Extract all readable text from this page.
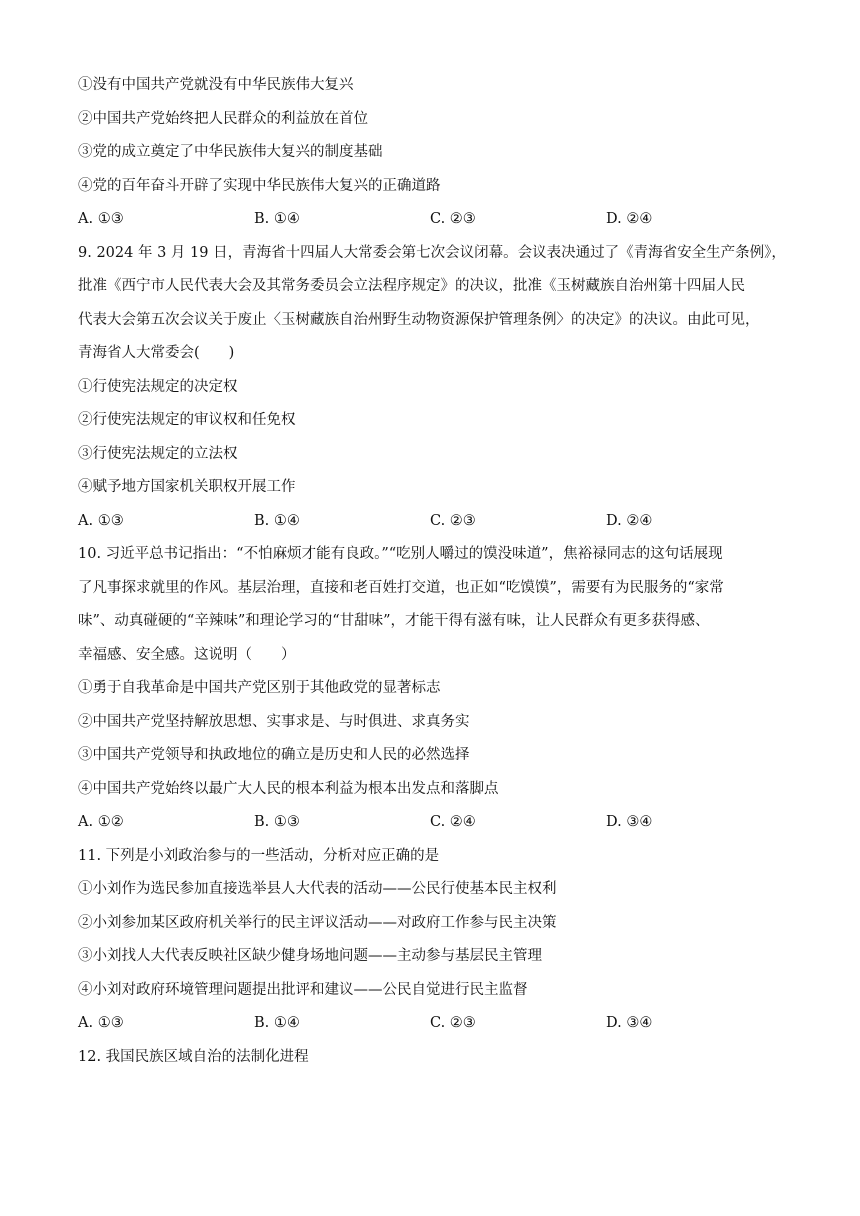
①没有中国共产党就没有中华民族伟大复兴
②中国共产党始终把人民群众的利益放在首位
③党的成立奠定了中华民族伟大复兴的制度基础
④党的百年奋斗开辟了实现中华民族伟大复兴的正确道路
A. ①③	B. ①④	C. ②③	D. ②④
9. 2024 年 3 月 19 日，青海省十四届人大常委会第七次会议闭幕。会议表决通过了《青海省安全生产条例》，
批准《西宁市人民代表大会及其常务委员会立法程序规定》的决议，批准《玉树藏族自治州第十四届人民
代表大会第五次会议关于废止〈玉树藏族自治州野生动物资源保护管理条例〉的决定》的决议。由此可见，
青海省人大常委会(　　)
①行使宪法规定的决定权
②行使宪法规定的审议权和任免权
③行使宪法规定的立法权
④赋予地方国家机关职权开展工作
A. ①③	B. ①④	C. ②③	D. ②④
10. 习近平总书记指出：“不怕麻烦才能有良政。”“吃别人嚼过的馍没味道”，焦裕禄同志的这句话展现
了凡事探求就里的作风。基层治理，直接和老百姓打交道，也正如“吃馍馍”，需要有为民服务的“家常
味”、动真碰硬的“辛辣味”和理论学习的“甘甜味”，才能干得有滋有味，让人民群众有更多获得感、
幸福感、安全感。这说明（　　）
①勇于自我革命是中国共产党区别于其他政党的显著标志
②中国共产党坚持解放思想、实事求是、与时俱进、求真务实
③中国共产党领导和执政地位的确立是历史和人民的必然选择
④中国共产党始终以最广大人民的根本利益为根本出发点和落脚点
A. ①②	B. ①③	C. ②④	D. ③④
11. 下列是小刘政治参与的一些活动，分析对应正确的是
①小刘作为选民参加直接选举县人大代表的活动——公民行使基本民主权利
②小刘参加某区政府机关举行的民主评议活动——对政府工作参与民主决策
③小刘找人大代表反映社区缺少健身场地问题——主动参与基层民主管理
④小刘对政府环境管理问题提出批评和建议——公民自觉进行民主监督
A. ①③	B. ①④	C. ②③	D. ③④
12. 我国民族区域自治的法制化进程
